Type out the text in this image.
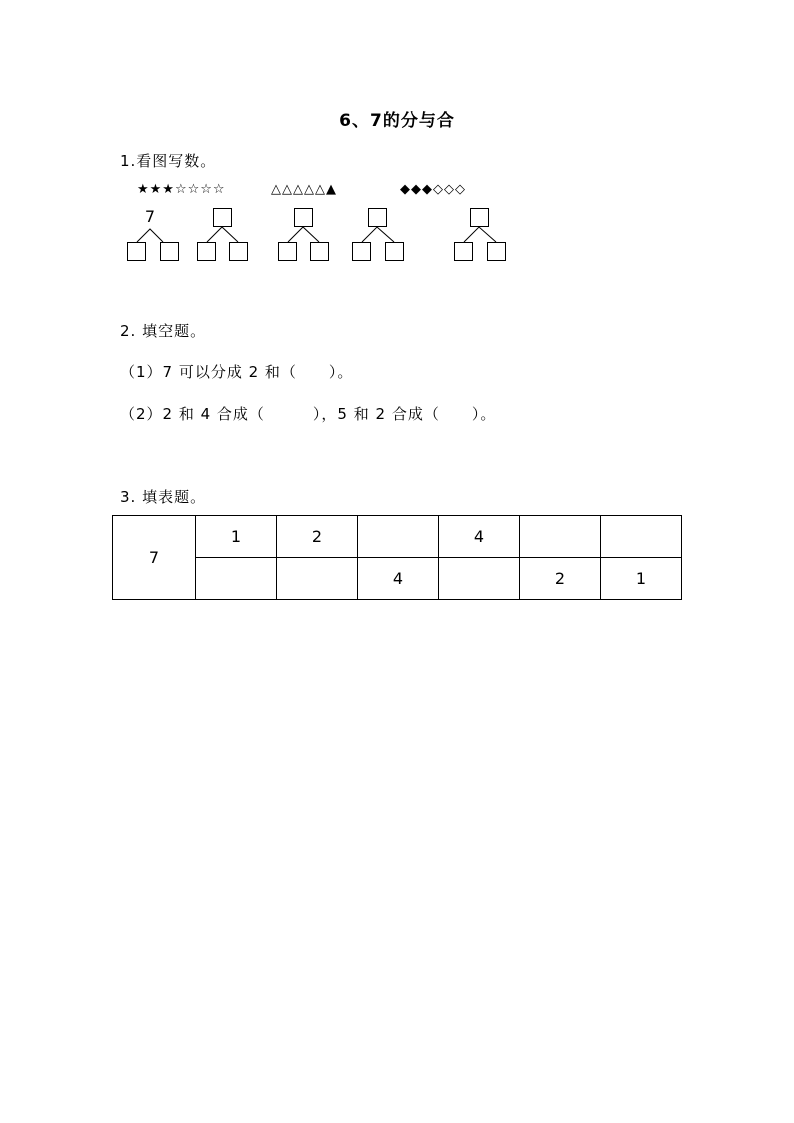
6、7的分与合
1.看图写数。
★★★☆☆☆☆	△△△△△▲	◆◆◆◇◇◇
7
2. 填空题。
（1）7 可以分成 2 和（　　）。
（2）2 和 4 合成（　　　），5 和 2 合成（　　）。
3. 填表题。
7	1	2		4		
			4		2	1
